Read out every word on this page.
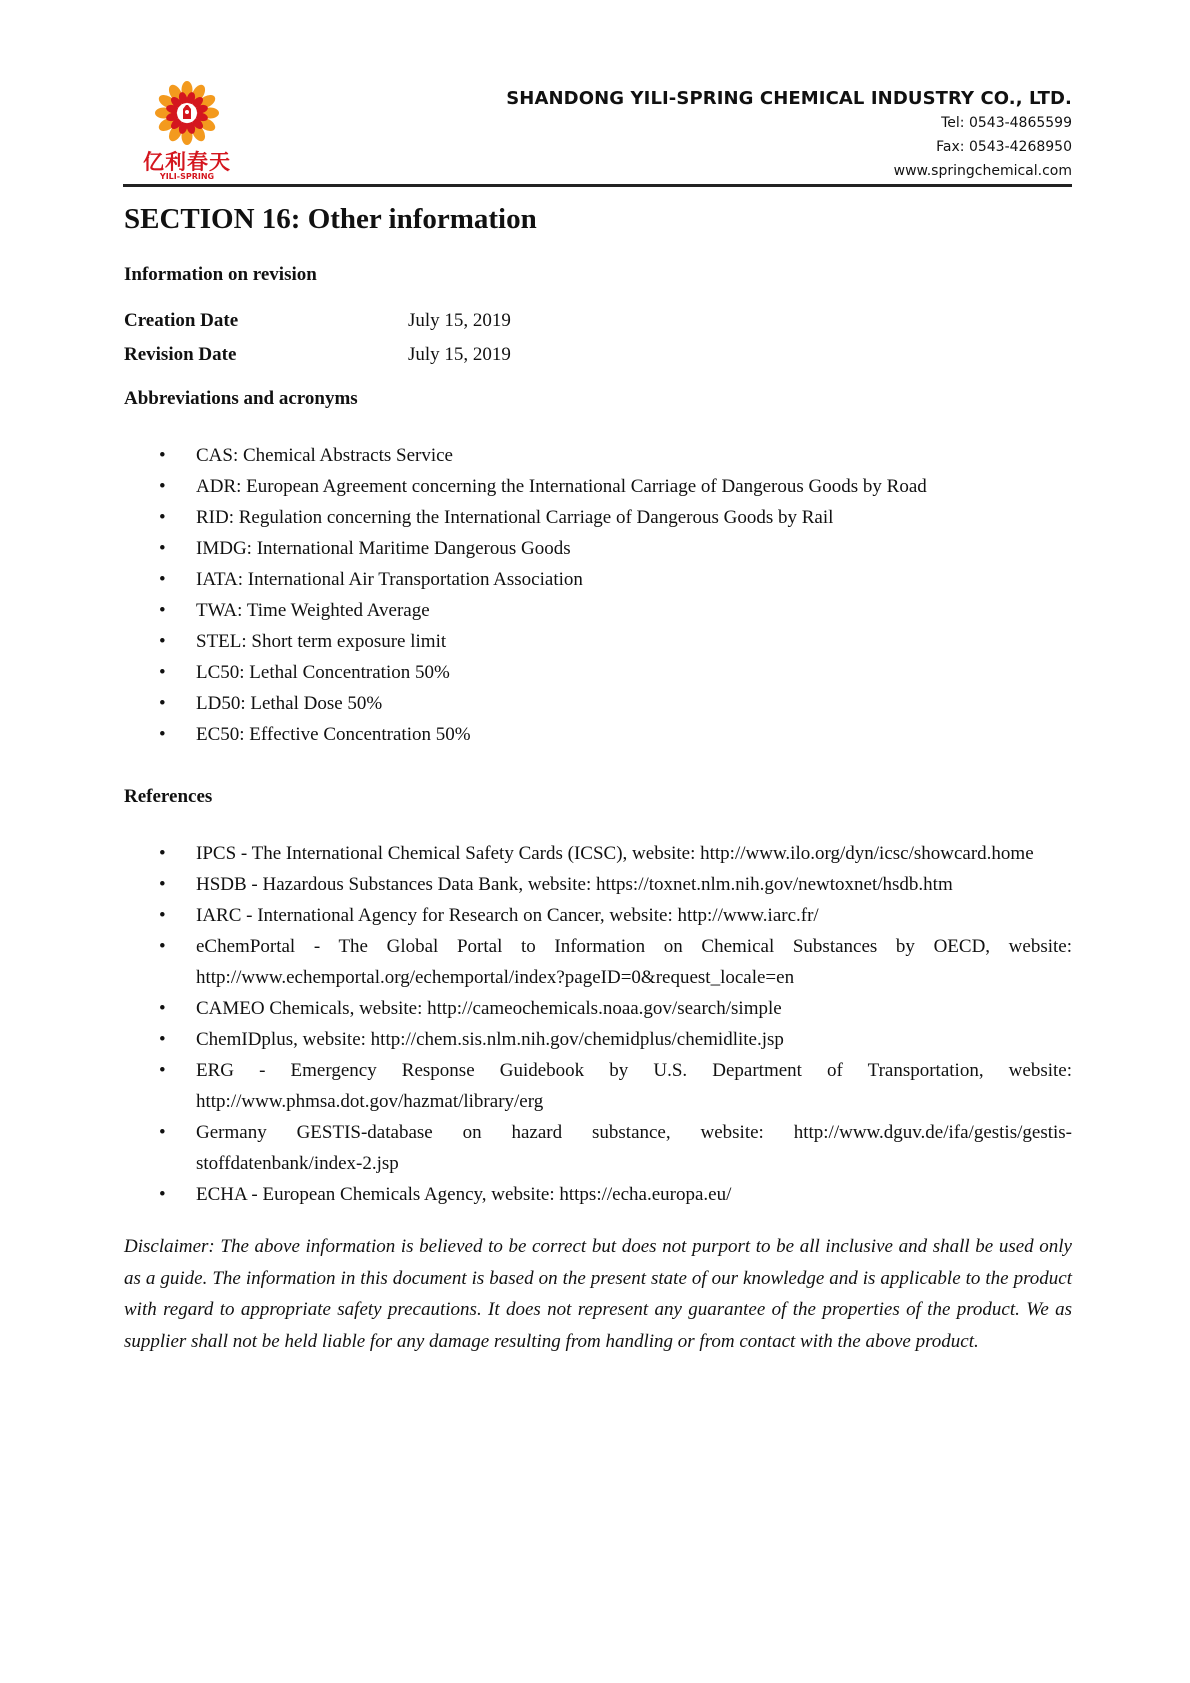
亿利春天
YILI-SPRING
SHANDONG YILI-SPRING CHEMICAL INDUSTRY CO., LTD.
Tel: 0543-4865599
Fax: 0543-4268950
www.springchemical.com
SECTION 16: Other information
Information on revision
Creation Date	July 15, 2019
Revision Date	July 15, 2019
Abbreviations and acronyms
• CAS: Chemical Abstracts Service
• ADR: European Agreement concerning the International Carriage of Dangerous Goods by Road
• RID: Regulation concerning the International Carriage of Dangerous Goods by Rail
• IMDG: International Maritime Dangerous Goods
• IATA: International Air Transportation Association
• TWA: Time Weighted Average
• STEL: Short term exposure limit
• LC50: Lethal Concentration 50%
• LD50: Lethal Dose 50%
• EC50: Effective Concentration 50%
References
• IPCS - The International Chemical Safety Cards (ICSC), website: http://www.ilo.org/dyn/icsc/showcard.home
• HSDB - Hazardous Substances Data Bank, website: https://toxnet.nlm.nih.gov/newtoxnet/hsdb.htm
• IARC - International Agency for Research on Cancer, website: http://www.iarc.fr/
• eChemPortal - The Global Portal to Information on Chemical Substances by OECD, website: http://www.echemportal.org/echemportal/index?pageID=0&request_locale=en
• CAMEO Chemicals, website: http://cameochemicals.noaa.gov/search/simple
• ChemIDplus, website: http://chem.sis.nlm.nih.gov/chemidplus/chemidlite.jsp
• ERG - Emergency Response Guidebook by U.S. Department of Transportation, website: http://www.phmsa.dot.gov/hazmat/library/erg
• Germany GESTIS-database on hazard substance, website: http://www.dguv.de/ifa/gestis/gestis-stoffdatenbank/index-2.jsp
• ECHA - European Chemicals Agency, website: https://echa.europa.eu/

Disclaimer: The above information is believed to be correct but does not purport to be all inclusive and shall be used only as a guide. The information in this document is based on the present state of our knowledge and is applicable to the product with regard to appropriate safety precautions. It does not represent any guarantee of the properties of the product. We as supplier shall not be held liable for any damage resulting from handling or from contact with the above product.
